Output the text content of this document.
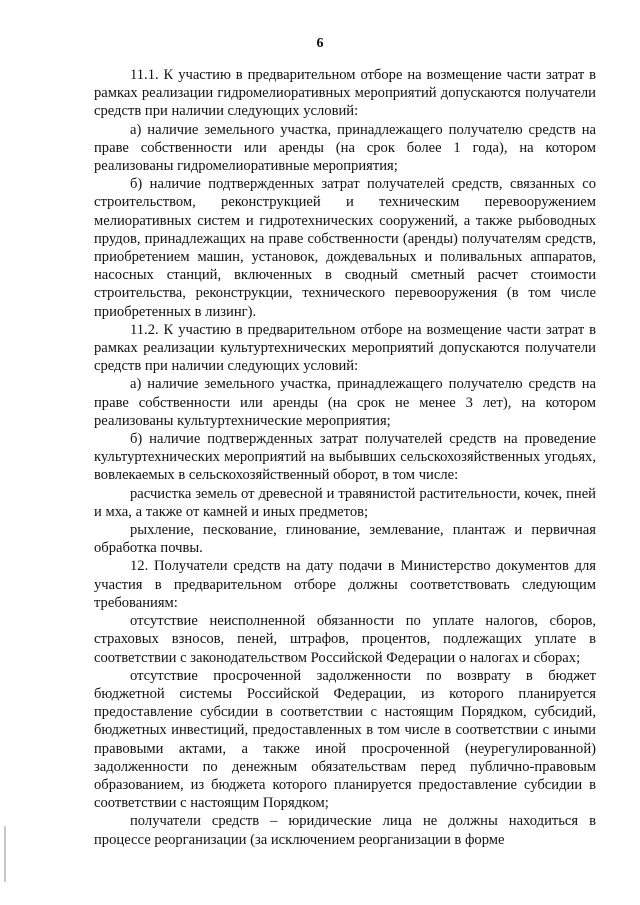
6

11.1. К участию в предварительном отборе на возмещение части затрат в рамках реализации гидромелиоративных мероприятий допускаются получатели средств при наличии следующих условий:

а) наличие земельного участка, принадлежащего получателю средств на праве собственности или аренды (на срок более 1 года), на котором реализованы гидромелиоративные мероприятия;

б) наличие подтвержденных затрат получателей средств, связанных со строительством, реконструкцией и техническим перевооружением мелиоративных систем и гидротехнических сооружений, а также рыбоводных прудов, принадлежащих на праве собственности (аренды) получателям средств, приобретением машин, установок, дождевальных и поливальных аппаратов, насосных станций, включенных в сводный сметный расчет стоимости строительства, реконструкции, технического перевооружения (в том числе приобретенных в лизинг).

11.2. К участию в предварительном отборе на возмещение части затрат в рамках реализации культуртехнических мероприятий допускаются получатели средств при наличии следующих условий:

а) наличие земельного участка, принадлежащего получателю средств на праве собственности или аренды (на срок не менее 3 лет), на котором реализованы культуртехнические мероприятия;

б) наличие подтвержденных затрат получателей средств на проведение культуртехнических мероприятий на выбывших сельскохозяйственных угодьях, вовлекаемых в сельскохозяйственный оборот, в том числе:

расчистка земель от древесной и травянистой растительности, кочек, пней и мха, а также от камней и иных предметов;

рыхление, пескование, глинование, землевание, плантаж и первичная обработка почвы.

12. Получатели средств на дату подачи в Министерство документов для участия в предварительном отборе должны соответствовать следующим требованиям:

отсутствие неисполненной обязанности по уплате налогов, сборов, страховых взносов, пеней, штрафов, процентов, подлежащих уплате в соответствии с законодательством Российской Федерации о налогах и сборах;

отсутствие просроченной задолженности по возврату в бюджет бюджетной системы Российской Федерации, из которого планируется предоставление субсидии в соответствии с настоящим Порядком, субсидий, бюджетных инвестиций, предоставленных в том числе в соответствии с иными правовыми актами, а также иной просроченной (неурегулированной) задолженности по денежным обязательствам перед публично-правовым образованием, из бюджета которого планируется предоставление субсидии в соответствии с настоящим Порядком;

получатели средств – юридические лица не должны находиться в процессе реорганизации (за исключением реорганизации в форме
